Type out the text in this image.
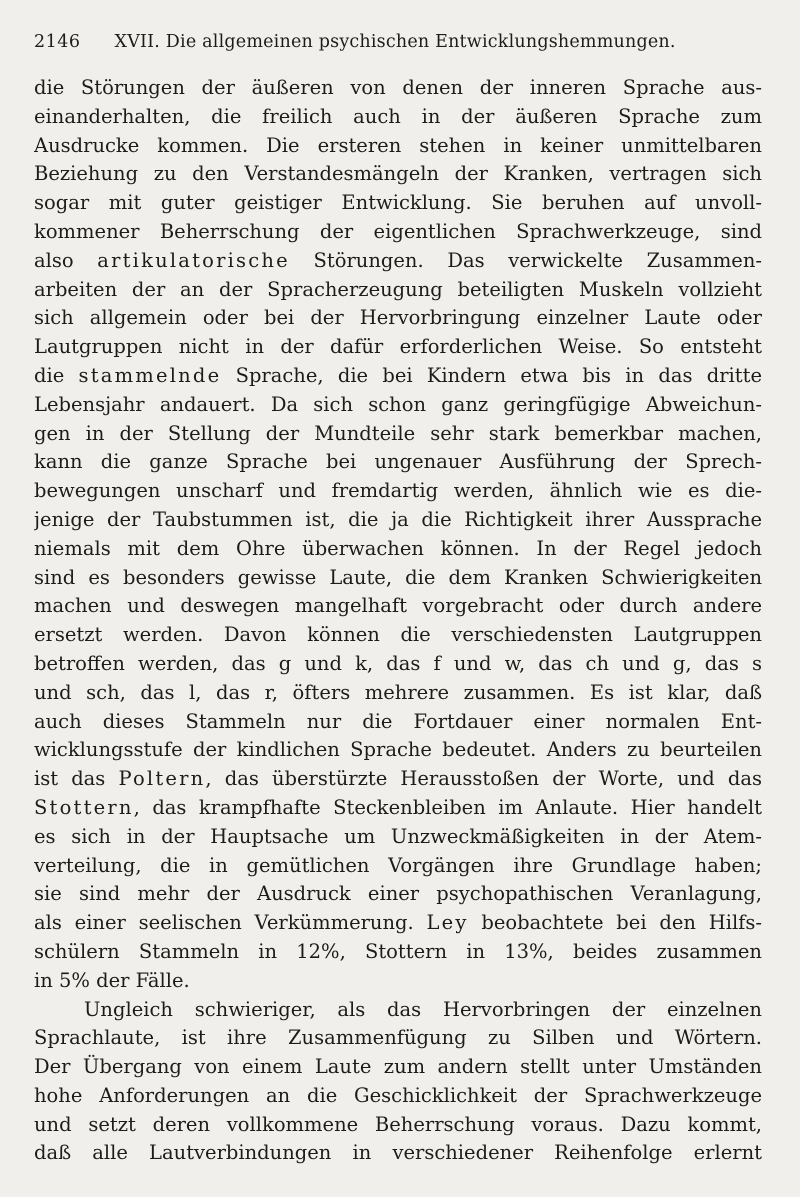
2146 XVII. Die allgemeinen psychischen Entwicklungshemmungen.
die Störungen der äußeren von denen der inneren Sprache aus-
einanderhalten, die freilich auch in der äußeren Sprache zum
Ausdrucke kommen. Die ersteren stehen in keiner unmittelbaren
Beziehung zu den Verstandesmängeln der Kranken, vertragen sich
sogar mit guter geistiger Entwicklung. Sie beruhen auf unvoll-
kommener Beherrschung der eigentlichen Sprachwerkzeuge, sind
also artikulatorische Störungen. Das verwickelte Zusammen-
arbeiten der an der Spracherzeugung beteiligten Muskeln vollzieht
sich allgemein oder bei der Hervorbringung einzelner Laute oder
Lautgruppen nicht in der dafür erforderlichen Weise. So entsteht
die stammelnde Sprache, die bei Kindern etwa bis in das dritte
Lebensjahr andauert. Da sich schon ganz geringfügige Abweichun-
gen in der Stellung der Mundteile sehr stark bemerkbar machen,
kann die ganze Sprache bei ungenauer Ausführung der Sprech-
bewegungen unscharf und fremdartig werden, ähnlich wie es die-
jenige der Taubstummen ist, die ja die Richtigkeit ihrer Aussprache
niemals mit dem Ohre überwachen können. In der Regel jedoch
sind es besonders gewisse Laute, die dem Kranken Schwierigkeiten
machen und deswegen mangelhaft vorgebracht oder durch andere
ersetzt werden. Davon können die verschiedensten Lautgruppen
betroffen werden, das g und k, das f und w, das ch und g, das s
und sch, das l, das r, öfters mehrere zusammen. Es ist klar, daß
auch dieses Stammeln nur die Fortdauer einer normalen Ent-
wicklungsstufe der kindlichen Sprache bedeutet. Anders zu beurteilen
ist das Poltern, das überstürzte Herausstoßen der Worte, und das
Stottern, das krampfhafte Steckenbleiben im Anlaute. Hier handelt
es sich in der Hauptsache um Unzweckmäßigkeiten in der Atem-
verteilung, die in gemütlichen Vorgängen ihre Grundlage haben;
sie sind mehr der Ausdruck einer psychopathischen Veranlagung,
als einer seelischen Verkümmerung. Ley beobachtete bei den Hilfs-
schülern Stammeln in 12%, Stottern in 13%, beides zusammen
in 5% der Fälle.
Ungleich schwieriger, als das Hervorbringen der einzelnen
Sprachlaute, ist ihre Zusammenfügung zu Silben und Wörtern.
Der Übergang von einem Laute zum andern stellt unter Umständen
hohe Anforderungen an die Geschicklichkeit der Sprachwerkzeuge
und setzt deren vollkommene Beherrschung voraus. Dazu kommt,
daß alle Lautverbindungen in verschiedener Reihenfolge erlernt
